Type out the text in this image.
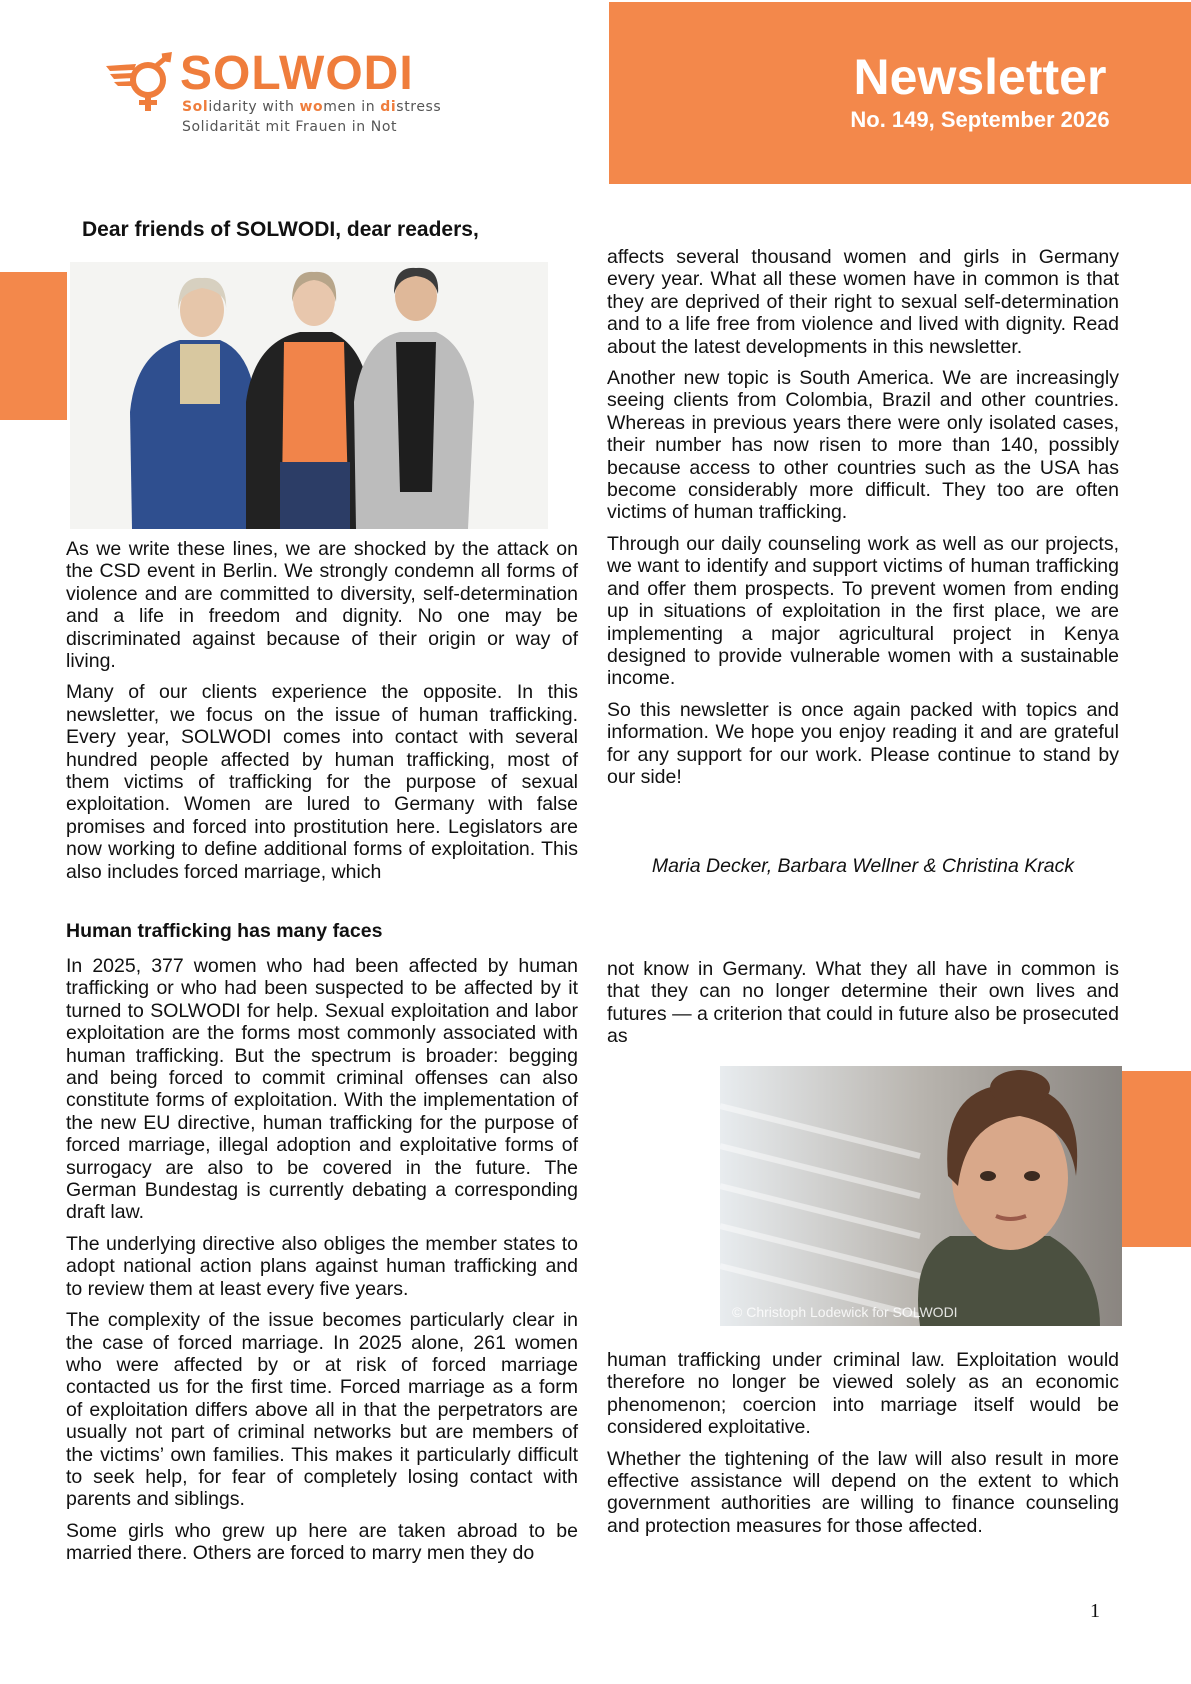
SOLWODI
Solidarity with women in distress
Solidarität mit Frauen in Not
Newsletter
No. 149, September 2026
Dear friends of SOLWODI, dear readers,

As we write these lines, we are shocked by the attack on the CSD event in Berlin. We strongly condemn all forms of violence and are committed to diversity, self-determination and a life in freedom and dignity. No one may be discriminated against because of their origin or way of living.

Many of our clients experience the opposite. In this newsletter, we focus on the issue of human trafficking. Every year, SOLWODI comes into contact with several hundred people affected by human trafficking, most of them victims of trafficking for the purpose of sexual exploitation. Women are lured to Germany with false promises and forced into prostitution here. Legislators are now working to define additional forms of exploitation. This also includes forced marriage, which

affects several thousand women and girls in Germany every year. What all these women have in common is that they are deprived of their right to sexual self-determination and to a life free from violence and lived with dignity. Read about the latest developments in this newsletter.

Another new topic is South America. We are increasingly seeing clients from Colombia, Brazil and other countries. Whereas in previous years there were only isolated cases, their number has now risen to more than 140, possibly because access to other countries such as the USA has become considerably more difficult. They too are often victims of human trafficking.

Through our daily counseling work as well as our projects, we want to identify and support victims of human trafficking and offer them prospects. To prevent women from ending up in situations of exploitation in the first place, we are implementing a major agricultural project in Kenya designed to provide vulnerable women with a sustainable income.

So this newsletter is once again packed with topics and information. We hope you enjoy reading it and are grateful for any support for our work. Please continue to stand by our side!

Maria Decker, Barbara Wellner & Christina Krack
Human trafficking has many faces

In 2025, 377 women who had been affected by human trafficking or who had been suspected to be affected by it turned to SOLWODI for help. Sexual exploitation and labor exploitation are the forms most commonly associated with human trafficking. But the spectrum is broader: begging and being forced to commit criminal offenses can also constitute forms of exploitation. With the implementation of the new EU directive, human trafficking for the purpose of forced marriage, illegal adoption and exploitative forms of surrogacy are also to be covered in the future. The German Bundestag is currently debating a corresponding draft law.

The underlying directive also obliges the member states to adopt national action plans against human trafficking and to review them at least every five years.

The complexity of the issue becomes particularly clear in the case of forced marriage. In 2025 alone, 261 women who were affected by or at risk of forced marriage contacted us for the first time. Forced marriage as a form of exploitation differs above all in that the perpetrators are usually not part of criminal networks but are members of the victims’ own families. This makes it particularly difficult to seek help, for fear of completely losing contact with parents and siblings.

Some girls who grew up here are taken abroad to be married there. Others are forced to marry men they do

not know in Germany. What they all have in common is that they can no longer determine their own lives and futures — a criterion that could in future also be prosecuted as

© Christoph Lodewick for SOLWODI

human trafficking under criminal law. Exploitation would therefore no longer be viewed solely as an economic phenomenon; coercion into marriage itself would be considered exploitative.

Whether the tightening of the law will also result in more effective assistance will depend on the extent to which government authorities are willing to finance counseling and protection measures for those affected.

1
